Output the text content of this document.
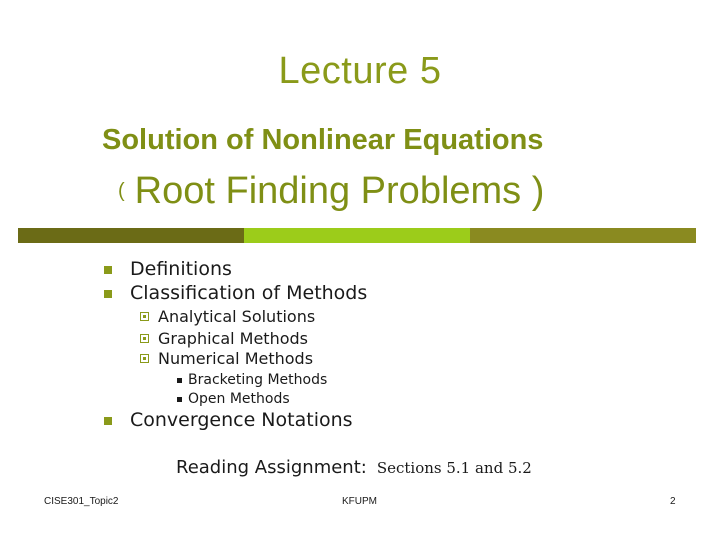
Lecture 5
Solution of Nonlinear Equations
( Root Finding Problems )
Definitions
Classification of Methods
Analytical Solutions
Graphical Methods
Numerical Methods
Bracketing Methods
Open Methods
Convergence Notations
Reading Assignment: Sections 5.1 and 5.2
CISE301_Topic2	KFUPM	2
